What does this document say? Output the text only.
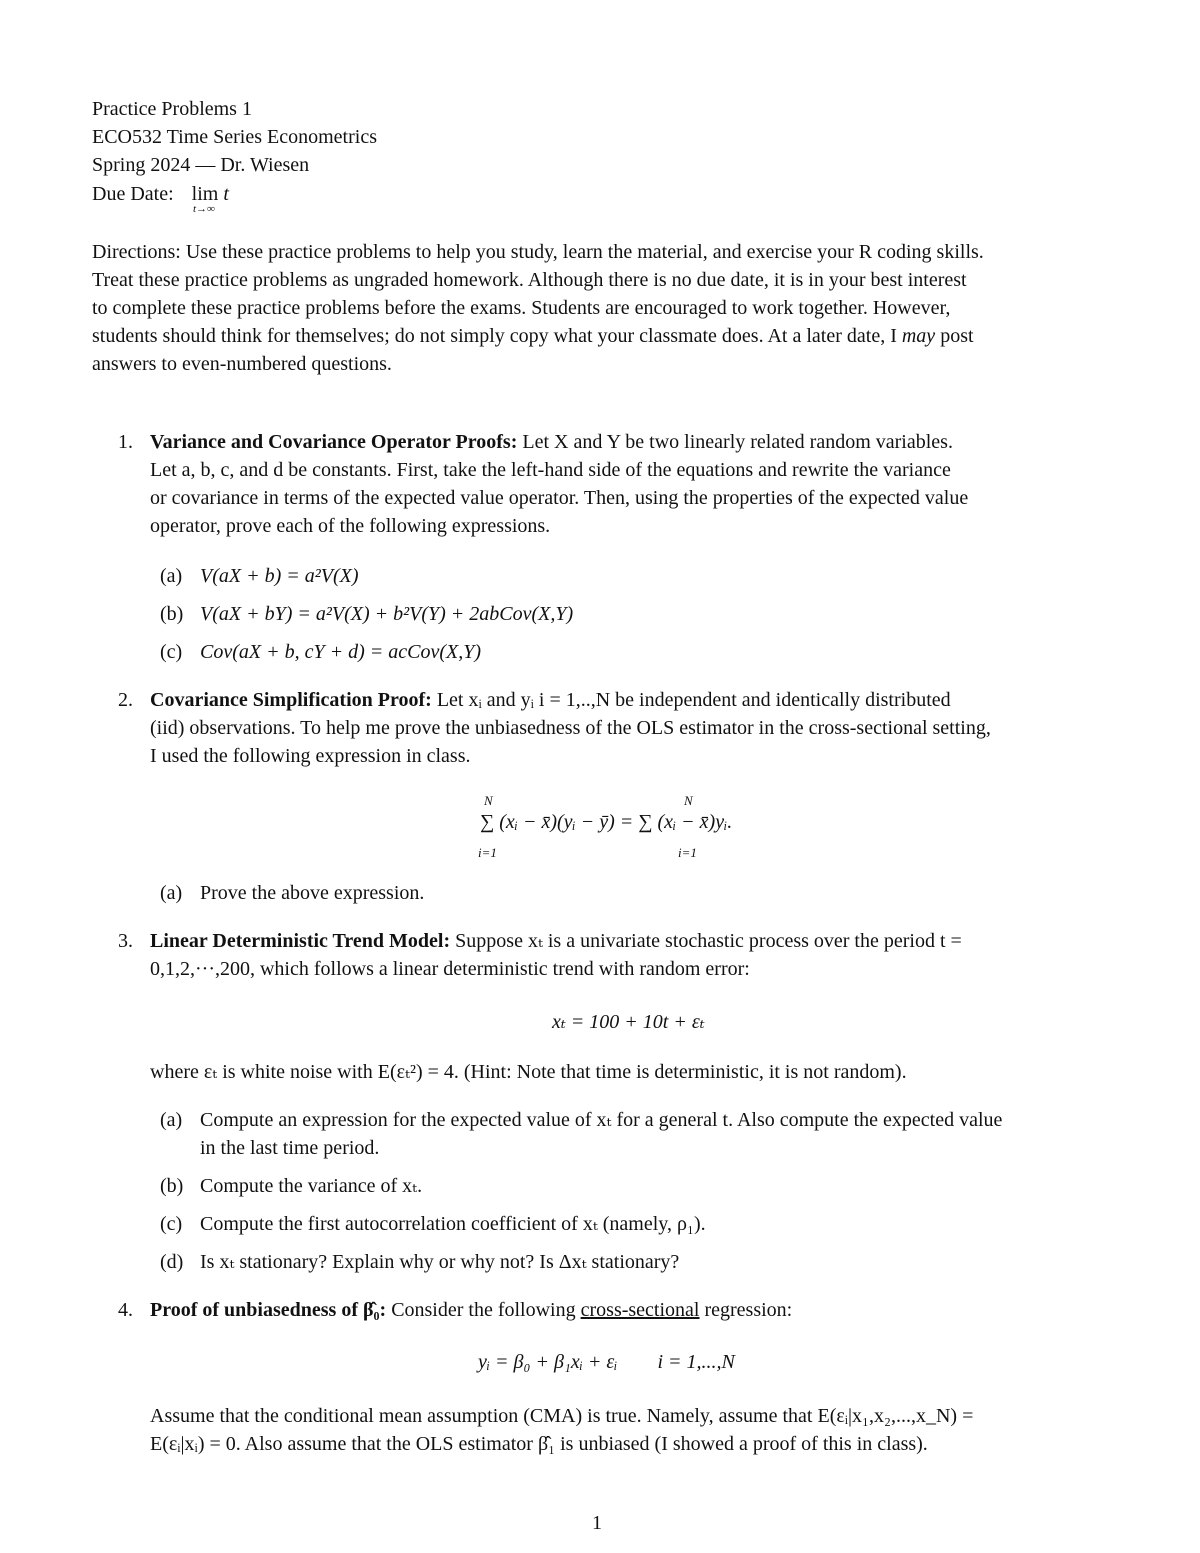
Practice Problems 1
ECO532 Time Series Econometrics
Spring 2024 — Dr. Wiesen
Due Date: lim t
t→∞
Directions: Use these practice problems to help you study, learn the material, and exercise your R coding skills.
Treat these practice problems as ungraded homework. Although there is no due date, it is in your best interest
to complete these practice problems before the exams. Students are encouraged to work together. However,
students should think for themselves; do not simply copy what your classmate does. At a later date, I may post
answers to even-numbered questions.
1. Variance and Covariance Operator Proofs: Let X and Y be two linearly related random variables.
Let a, b, c, and d be constants. First, take the left-hand side of the equations and rewrite the variance
or covariance in terms of the expected value operator. Then, using the properties of the expected value
operator, prove each of the following expressions.
(a) V(aX + b) = a²V(X)
(b) V(aX + bY) = a²V(X) + b²V(Y) + 2abCov(X,Y)
(c) Cov(aX + b, cY + d) = acCov(X,Y)
2. Covariance Simplification Proof: Let xᵢ and yᵢ i = 1,..,N be independent and identically distributed
(iid) observations. To help me prove the unbiasedness of the OLS estimator in the cross-sectional setting,
I used the following expression in class.
N	N
∑ (xᵢ − x̄)(yᵢ − ȳ) = ∑ (xᵢ − x̄)yᵢ.
i=1	i=1
(a) Prove the above expression.
3. Linear Deterministic Trend Model: Suppose xₜ is a univariate stochastic process over the period t =
0,1,2,···,200, which follows a linear deterministic trend with random error:
xₜ = 100 + 10t + εₜ
where εₜ is white noise with E(εₜ²) = 4. (Hint: Note that time is deterministic, it is not random).
(a) Compute an expression for the expected value of xₜ for a general t. Also compute the expected value
in the last time period.
(b) Compute the variance of xₜ.
(c) Compute the first autocorrelation coefficient of xₜ (namely, ρ₁).
(d) Is xₜ stationary? Explain why or why not? Is Δxₜ stationary?
4. Proof of unbiasedness of β̂₀: Consider the following cross-sectional regression:
yᵢ = β₀ + β₁xᵢ + εᵢ        i = 1,...,N
Assume that the conditional mean assumption (CMA) is true. Namely, assume that E(εᵢ|x₁,x₂,...,x_N) =
E(εᵢ|xᵢ) = 0. Also assume that the OLS estimator β̂₁ is unbiased (I showed a proof of this in class).
1
